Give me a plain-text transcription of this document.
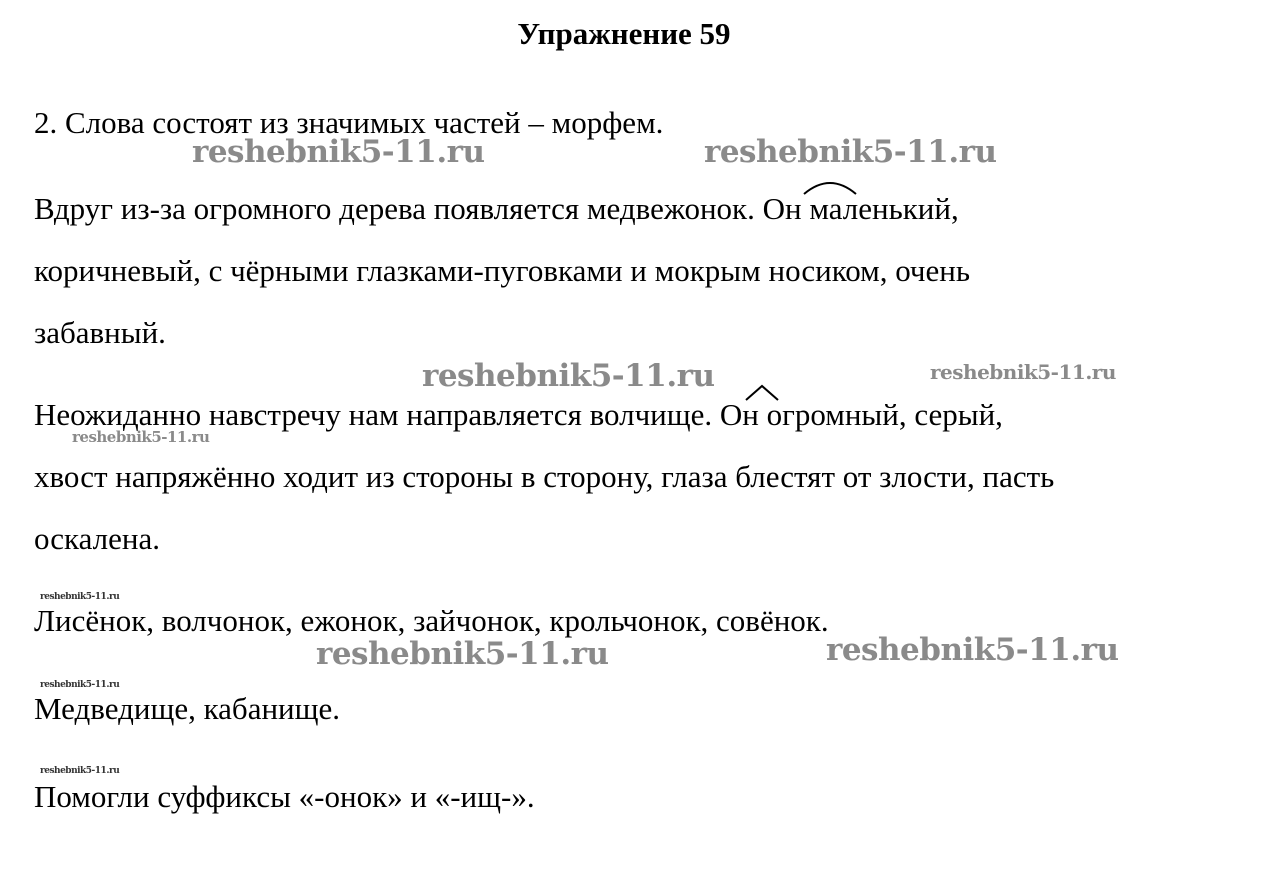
Упражнение 59
2. Слова состоят из значимых частей – морфем.
Вдруг из-за огромного дерева появляется медвежонок. Он маленький,
коричневый, с чёрными глазками-пуговками и мокрым носиком, очень
забавный.
Неожиданно навстречу нам направляется волчище. Он огромный, серый,
хвост напряжённо ходит из стороны в сторону, глаза блестят от злости, пасть
оскалена.
Лисёнок, волчонок, ежонок, зайчонок, крольчонок, совёнок.
Медведище, кабанище.
Помогли суффиксы «-онок» и «-ищ-».
reshebnik5-11.ru	reshebnik5-11.ru
reshebnik5-11.ru	reshebnik5-11.ru
reshebnik5-11.ru
reshebnik5-11.ru
reshebnik5-11.ru	reshebnik5-11.ru
reshebnik5-11.ru
reshebnik5-11.ru
